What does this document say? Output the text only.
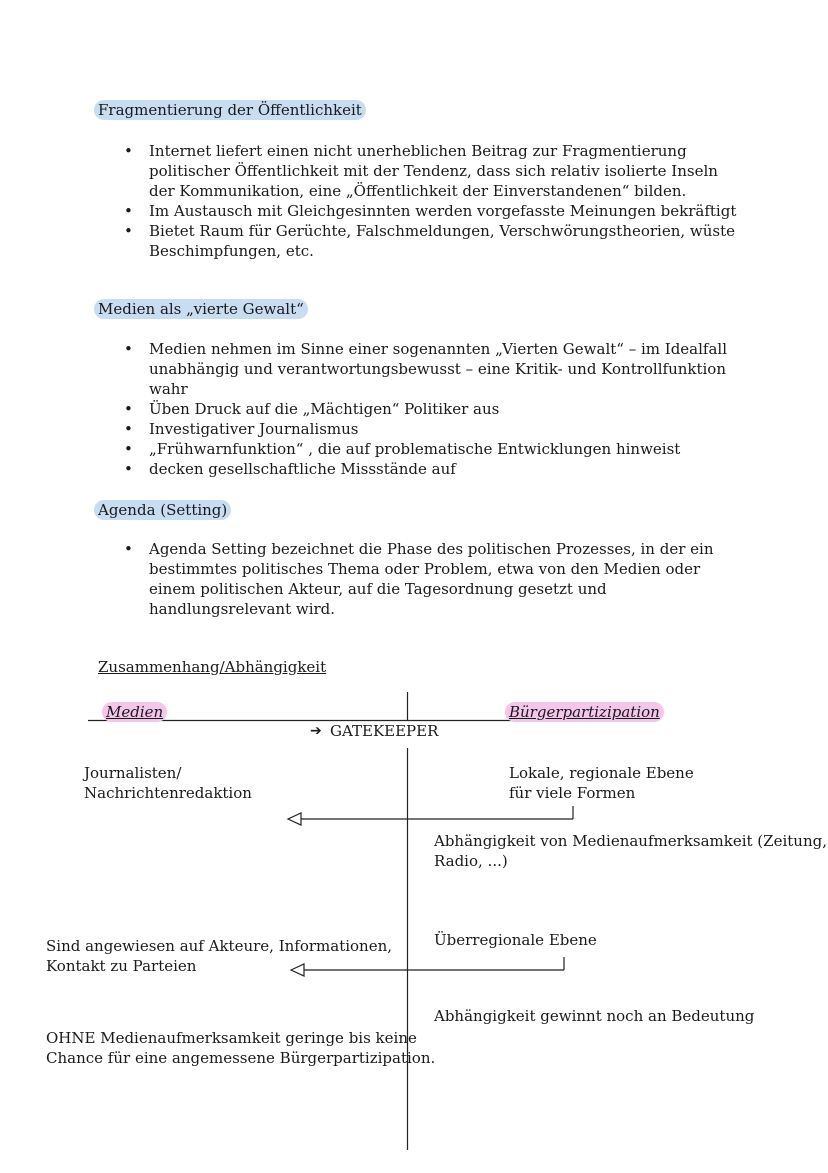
Fragmentierung der Öffentlichkeit
• Internet liefert einen nicht unerheblichen Beitrag zur Fragmentierung politischer Öffentlichkeit mit der Tendenz, dass sich relativ isolierte Inseln der Kommunikation, eine „Öffentlichkeit der Einverstandenen“ bilden.
• Im Austausch mit Gleichgesinnten werden vorgefasste Meinungen bekräftigt
• Bietet Raum für Gerüchte, Falschmeldungen, Verschwörungstheorien, wüste Beschimpfungen, etc.
Medien als „vierte Gewalt“
• Medien nehmen im Sinne einer sogenannten „Vierten Gewalt“ – im Idealfall unabhängig und verantwortungsbewusst – eine Kritik- und Kontrollfunktion wahr
• Üben Druck auf die „Mächtigen“ Politiker aus
• Investigativer Journalismus
• „Frühwarnfunktion“ , die auf problematische Entwicklungen hinweist
• decken gesellschaftliche Missstände auf
Agenda (Setting)
• Agenda Setting bezeichnet die Phase des politischen Prozesses, in der ein bestimmtes politisches Thema oder Problem, etwa von den Medien oder einem politischen Akteur, auf die Tagesordnung gesetzt und handlungsrelevant wird.
Zusammenhang/Abhängigkeit
Medien	Bürgerpartizipation
➔ GATEKEEPER
Journalisten/
Nachrichtenredaktion
Sind angewiesen auf Akteure, Informationen,
Kontakt zu Parteien
OHNE Medienaufmerksamkeit geringe bis keine
Chance für eine angemessene Bürgerpartizipation.
Lokale, regionale Ebene
für viele Formen
Abhängigkeit von Medienaufmerksamkeit (Zeitung,
Radio, ...)
Überregionale Ebene
Abhängigkeit gewinnt noch an Bedeutung
